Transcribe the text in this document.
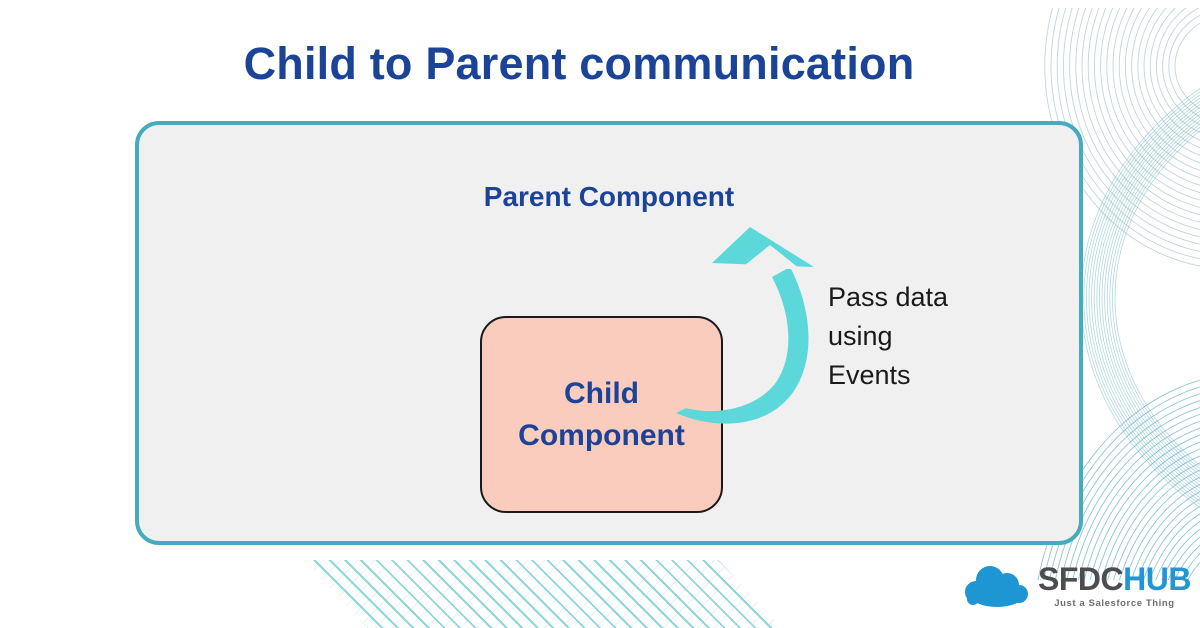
Child to Parent communication
Parent Component
Child Component
Pass data using Events
SFDCHUB
Just a Salesforce Thing
